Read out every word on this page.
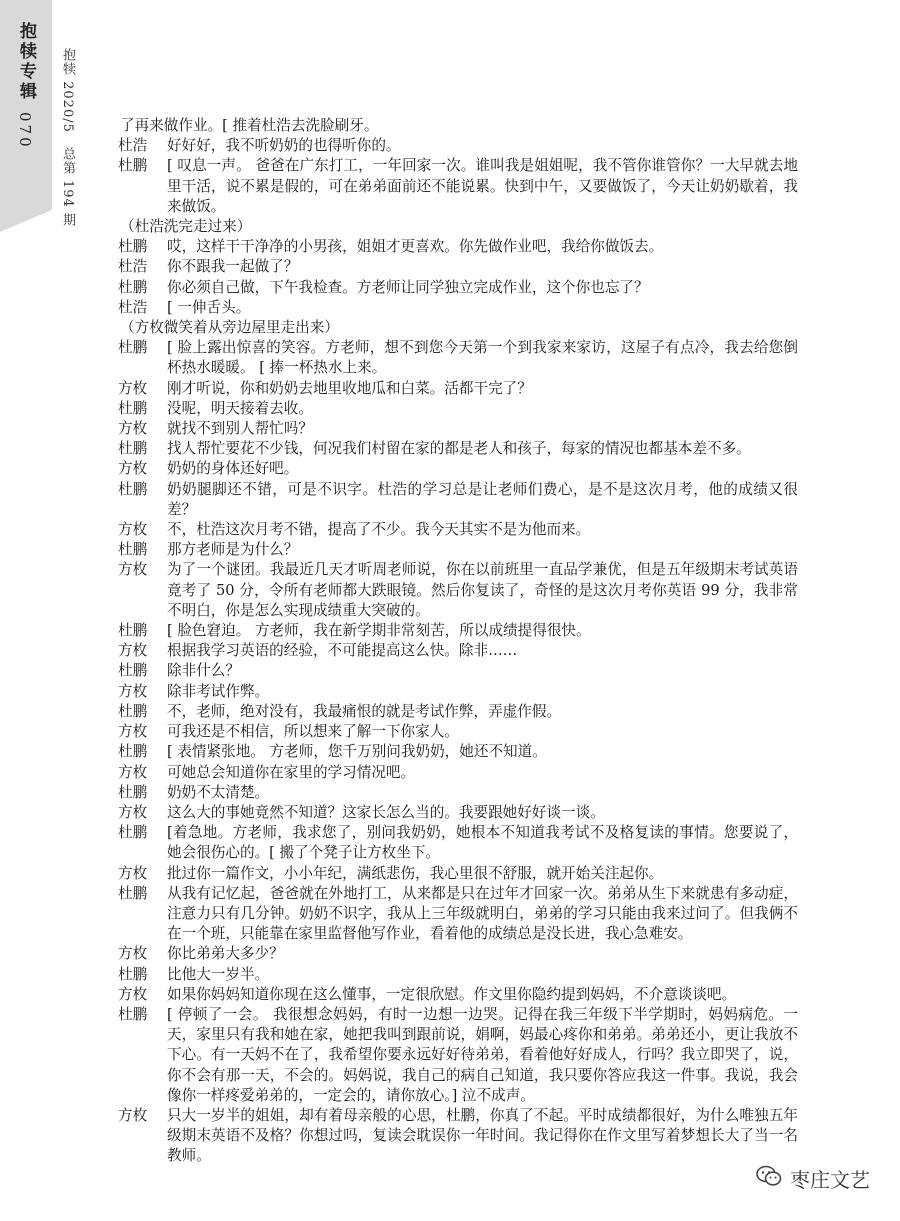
抱犊专辑
070 抱犊 2020/5　总第 194 期	了再来做作业。[ 推着杜浩去洗脸刷牙。
杜浩	好好好，我不听奶奶的也得听你的。
杜鹏	[ 叹息一声。 爸爸在广东打工，一年回家一次。谁叫我是姐姐呢，我不管你谁管你？一大早就去地里干活，说不累是假的，可在弟弟面前还不能说累。快到中午，又要做饭了，今天让奶奶歇着，我来做饭。
（杜浩洗完走过来）
杜鹏	哎，这样干干净净的小男孩，姐姐才更喜欢。你先做作业吧，我给你做饭去。
杜浩	你不跟我一起做了？
杜鹏	你必须自己做，下午我检查。方老师让同学独立完成作业，这个你也忘了？
杜浩	[ 一伸舌头。
（方枚微笑着从旁边屋里走出来）
杜鹏	[ 脸上露出惊喜的笑容。方老师，想不到您今天第一个到我家来家访，这屋子有点冷，我去给您倒杯热水暖暖。 [ 捧一杯热水上来。
方枚	刚才听说，你和奶奶去地里收地瓜和白菜。活都干完了？
杜鹏	没呢，明天接着去收。
方枚	就找不到别人帮忙吗？
杜鹏	找人帮忙要花不少钱，何况我们村留在家的都是老人和孩子，每家的情况也都基本差不多。
方枚	奶奶的身体还好吧。
杜鹏	奶奶腿脚还不错，可是不识字。杜浩的学习总是让老师们费心，是不是这次月考，他的成绩又很差？
方枚	不，杜浩这次月考不错，提高了不少。我今天其实不是为他而来。
杜鹏	那方老师是为什么？
方枚	为了一个谜团。我最近几天才听周老师说，你在以前班里一直品学兼优，但是五年级期末考试英语竟考了 50 分，令所有老师都大跌眼镜。然后你复读了，奇怪的是这次月考你英语 99 分，我非常不明白，你是怎么实现成绩重大突破的。
杜鹏	[ 脸色窘迫。 方老师，我在新学期非常刻苦，所以成绩提得很快。
方枚	根据我学习英语的经验，不可能提高这么快。除非……
杜鹏	除非什么？
方枚	除非考试作弊。
杜鹏	不，老师，绝对没有，我最痛恨的就是考试作弊，弄虚作假。
方枚	可我还是不相信，所以想来了解一下你家人。
杜鹏	[ 表情紧张地。 方老师，您千万别问我奶奶，她还不知道。
方枚	可她总会知道你在家里的学习情况吧。
杜鹏	奶奶不太清楚。
方枚	这么大的事她竟然不知道？这家长怎么当的。我要跟她好好谈一谈。
杜鹏	[着急地。方老师，我求您了，别问我奶奶，她根本不知道我考试不及格复读的事情。您要说了，她会很伤心的。[ 搬了个凳子让方枚坐下。
方枚	批过你一篇作文，小小年纪，满纸悲伤，我心里很不舒服，就开始关注起你。
杜鹏	从我有记忆起，爸爸就在外地打工，从来都是只在过年才回家一次。弟弟从生下来就患有多动症，注意力只有几分钟。奶奶不识字，我从上三年级就明白，弟弟的学习只能由我来过问了。但我俩不在一个班，只能靠在家里监督他写作业，看着他的成绩总是没长进，我心急难安。
方枚	你比弟弟大多少？
杜鹏	比他大一岁半。
方枚	如果你妈妈知道你现在这么懂事，一定很欣慰。作文里你隐约提到妈妈，不介意谈谈吧。
杜鹏	[ 停顿了一会。 我很想念妈妈，有时一边想一边哭。记得在我三年级下半学期时，妈妈病危。一天，家里只有我和她在家，她把我叫到跟前说，娟啊，妈最心疼你和弟弟。弟弟还小，更让我放不下心。有一天妈不在了，我希望你要永远好好待弟弟，看着他好好成人，行吗？我立即哭了，说，你不会有那一天，不会的。妈妈说，我自己的病自己知道，我只要你答应我这一件事。我说，我会像你一样疼爱弟弟的，一定会的，请你放心。] 泣不成声。
方枚	只大一岁半的姐姐，却有着母亲般的心思，杜鹏，你真了不起。平时成绩都很好，为什么唯独五年级期末英语不及格？你想过吗，复读会耽误你一年时间。我记得你在作文里写着梦想长大了当一名教师。
枣庄文艺
